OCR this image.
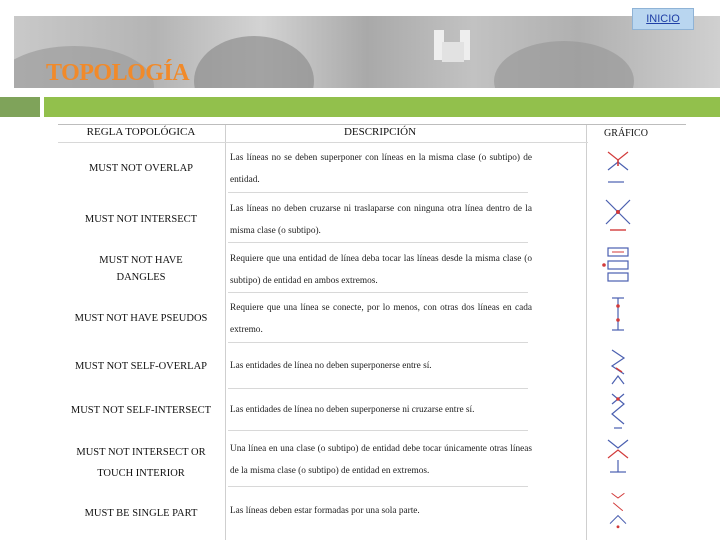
INICIO
TOPOLOGÍA
REGLA TOPOLÓGICA	DESCRIPCIÓN	GRÁFICO
MUST NOT OVERLAP
Las líneas no se deben superponer con líneas en la misma clase (o subtipo) de entidad.
MUST NOT INTERSECT
Las líneas no deben cruzarse ni traslaparse con ninguna otra línea dentro de la misma clase (o subtipo).
MUST NOT HAVE DANGLES
Requiere que una entidad de línea deba tocar las líneas desde la misma clase (o subtipo) de entidad en ambos extremos.
MUST NOT HAVE PSEUDOS
Requiere que una línea se conecte, por lo menos, con otras dos líneas en cada extremo.
MUST NOT SELF-OVERLAP	Las entidades de línea no deben superponerse entre sí.
MUST NOT SELF-INTERSECT	Las entidades de línea no deben superponerse ni cruzarse entre sí.
MUST NOT INTERSECT OR TOUCH INTERIOR
Una línea en una clase (o subtipo) de entidad debe tocar únicamente otras líneas de la misma clase (o subtipo) de entidad en extremos.
MUST BE SINGLE PART	Las líneas deben estar formadas por una sola parte.
